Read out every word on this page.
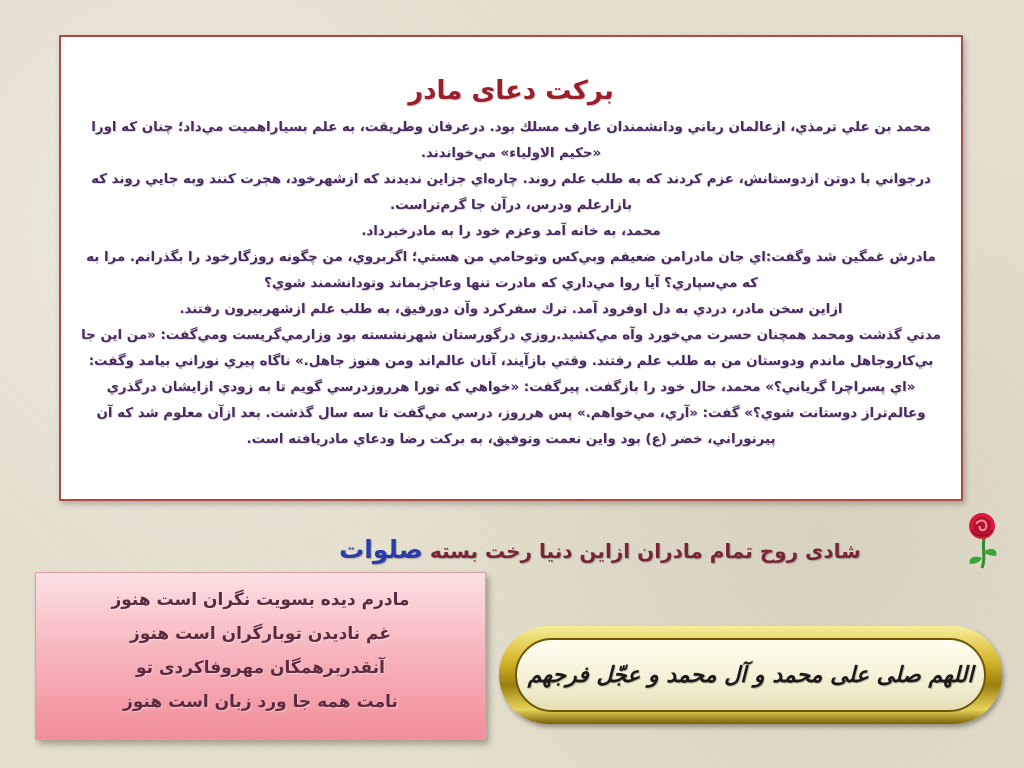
برکت دعای مادر

محمد بن علي ترمذي، ازعالمان رباني ودانشمندان عارف مسلك بود. درعرفان وطريقت، به علم بسياراهميت مي‌داد؛ چنان كه اورا «حكيم الاولياء» مي‌خواندند.

درجواني با دوتن ازدوستانش، عزم كردند كه به طلب علم روند. چاره‌اي جزاين نديدند كه ازشهرخود، هجرت كنند وبه جايي روند كه بازارعلم ودرس، درآن جا گرم‌تراست.

محمد، به خانه آمد وعزم خود را به مادرخبرداد.

مادرش غمگين شد وگفت:اي جان مادرامن ضعيفم وبي‌كس وتوحامي من هستي؛ اگربروي، من چگونه روزگارخود را بگذرانم. مرا به كه مي‌سپاري؟ آيا روا مي‌داري كه مادرت تنها وعاجزبماند وتودانشمند شوي؟

ازاين سخن مادر، دردي به دل اوفرود آمد. ترك سفركرد وآن دورفيق، به طلب علم ازشهربيرون رفتند.

مدتي گذشت ومحمد همچنان حسرت مي‌خورد وآه مي‌كشيد.روزي درگورستان شهرنشسته بود وزارمي‌گريست ومي‌گفت: «من اين جا بي‌كاروجاهل ماندم ودوستان من به طلب علم رفتند. وقتي بازآيند، آنان عالم‌اند ومن هنوز جاهل.» ناگاه پيري نوراني بيامد وگفت: «اي پسراچرا گرياني؟» محمد، حال خود را بازگفت. پيرگفت: «خواهي كه تورا هرروزدرسي گويم تا به زودي ازايشان درگذري وعالم‌تراز دوستانت شوي؟» گفت: «آري، مي‌خواهم.» پس هرروز، درسي مي‌گفت تا سه سال گذشت. بعد ازآن معلوم شد كه آن پيرنوراني، خضر (ع) بود واين نعمت وتوفيق، به بركت رضا ودعاي مادريافته است.

شادی روح تمام مادران ازاین دنیا رخت بسته صلوات

مادرم دیده بسویت نگران است هنوز

غم نادیدن توبارگران است هنوز

آنقدربرهمگان مهروفاکردی تو

نامت همه جا ورد زبان است هنوز

اللهم صلی علی محمد و آل محمد و عجّل فرجهم
